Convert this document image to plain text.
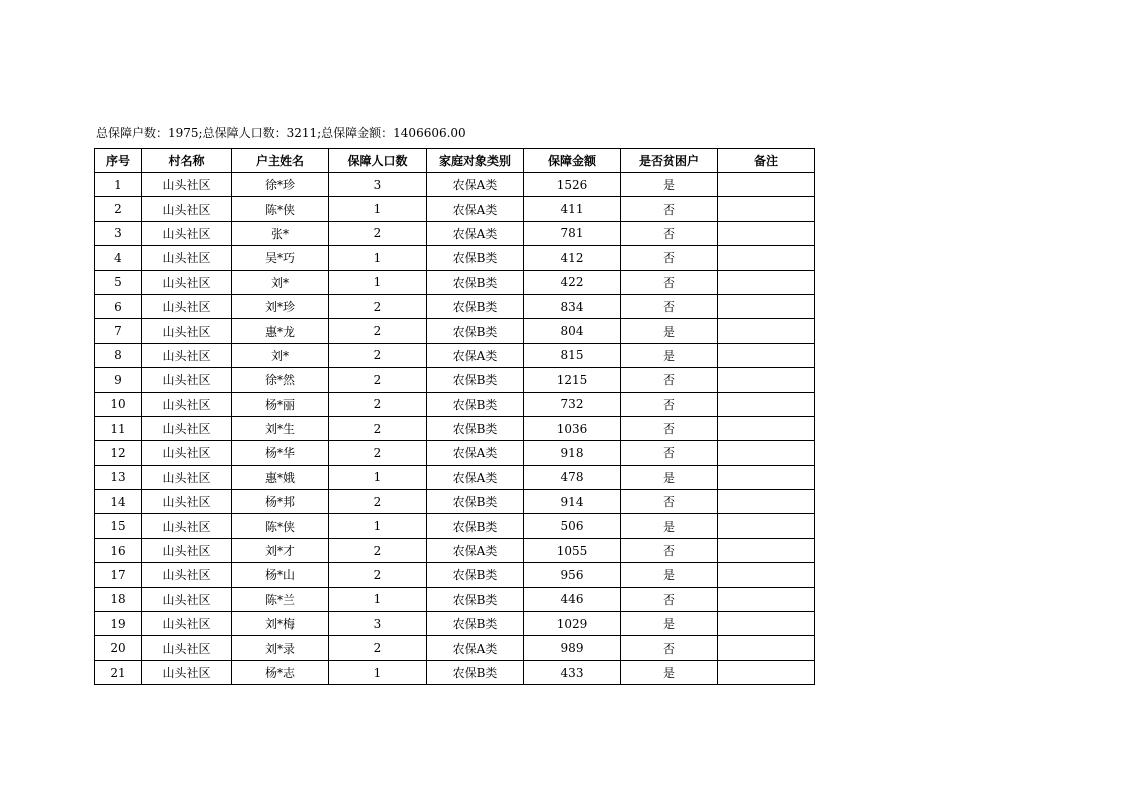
总保障户数：1975;总保障人口数：3211;总保障金额：1406606.00
序号	村名称	户主姓名	保障人口数	家庭对象类别	保障金额	是否贫困户	备注
1	山头社区	徐*珍	3	农保A类	1526	是	
2	山头社区	陈*侠	1	农保A类	411	否	
3	山头社区	张*	2	农保A类	781	否	
4	山头社区	吴*巧	1	农保B类	412	否	
5	山头社区	刘*	1	农保B类	422	否	
6	山头社区	刘*珍	2	农保B类	834	否	
7	山头社区	惠*龙	2	农保B类	804	是	
8	山头社区	刘*	2	农保A类	815	是	
9	山头社区	徐*然	2	农保B类	1215	否	
10	山头社区	杨*丽	2	农保B类	732	否	
11	山头社区	刘*生	2	农保B类	1036	否	
12	山头社区	杨*华	2	农保A类	918	否	
13	山头社区	惠*娥	1	农保A类	478	是	
14	山头社区	杨*邦	2	农保B类	914	否	
15	山头社区	陈*侠	1	农保B类	506	是	
16	山头社区	刘*才	2	农保A类	1055	否	
17	山头社区	杨*山	2	农保B类	956	是	
18	山头社区	陈*兰	1	农保B类	446	否	
19	山头社区	刘*梅	3	农保B类	1029	是	
20	山头社区	刘*录	2	农保A类	989	否	
21	山头社区	杨*志	1	农保B类	433	是	
